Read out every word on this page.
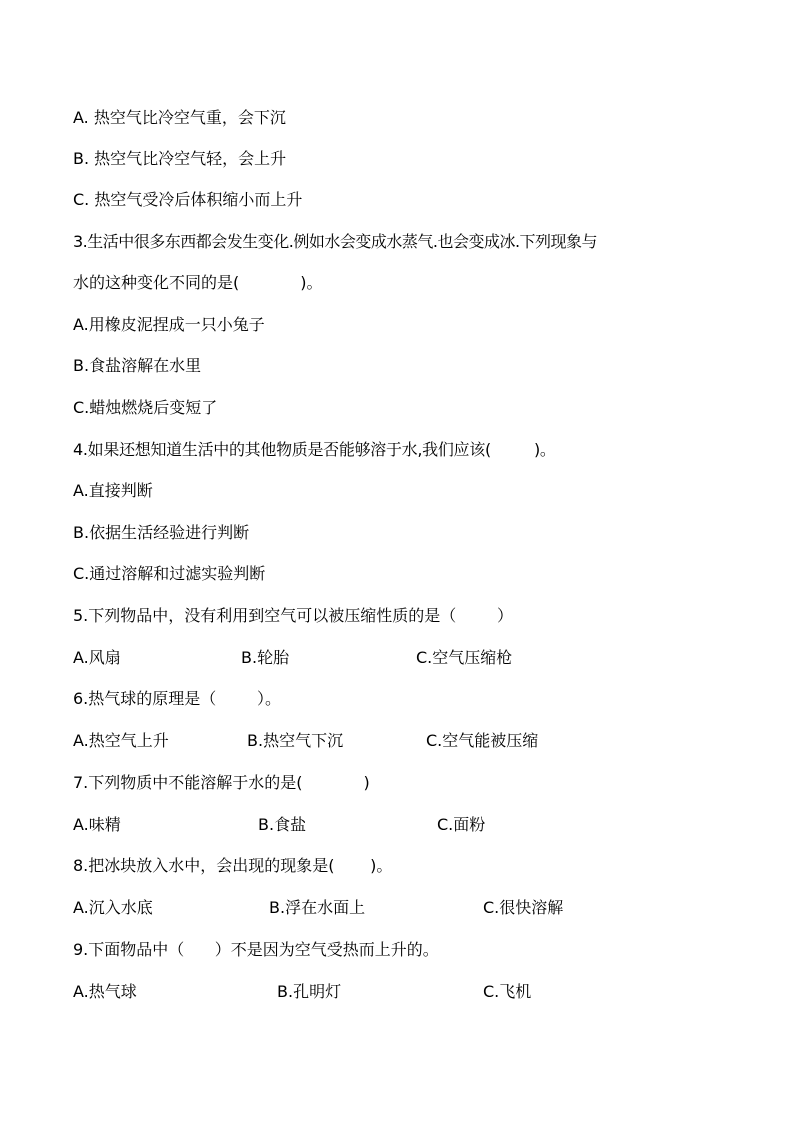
A. 热空气比冷空气重，会下沉
B. 热空气比冷空气轻，会上升
C. 热空气受冷后体积缩小而上升
3.生活中很多东西都会发生变化.例如水会变成水蒸气.也会变成冰.下列现象与
水的这种变化不同的是(            )。
A.用橡皮泥捏成一只小兔子
B.食盐溶解在水里
C.蜡烛燃烧后变短了
4.如果还想知道生活中的其他物质是否能够溶于水,我们应该(         )。
A.直接判断
B.依据生活经验进行判断
C.通过溶解和过滤实验判断
5.下列物品中，没有利用到空气可以被压缩性质的是（        ）

A.风扇

	B.轮胎

	C.空气压缩枪

6.热气球的原理是（        ）。

A.热空气上升

	B.热空气下沉

	C.空气能被压缩

7.下列物质中不能溶解于水的是(            )

A.味精

	B.食盐

	C.面粉

8.把冰块放入水中，会出现的现象是(       )。

A.沉入水底

	B.浮在水面上

	C.很快溶解

9.下面物品中（      ）不是因为空气受热而上升的。

A.热气球

	B.孔明灯

	C.飞机
